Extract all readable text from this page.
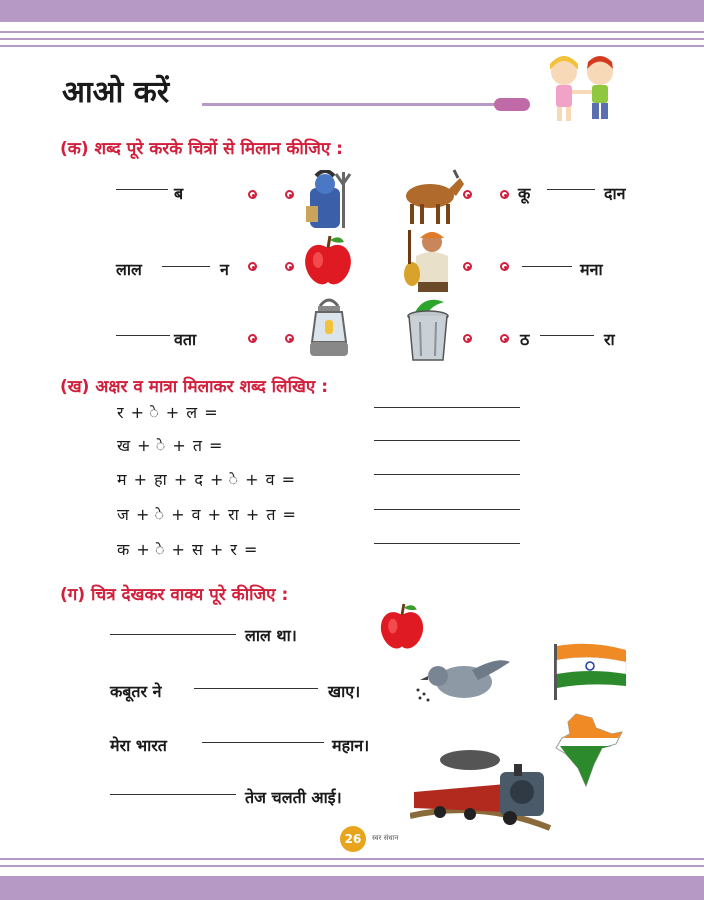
आओ करें
(क) शब्द पूरे करके चित्रों से मिलान कीजिए :
ब
लाल	न
वता
कू	दान
मना
ठ	रा
(ख) अक्षर व मात्रा मिलाकर शब्द लिखिए :
र + े + ल =
ख + े + त =
म + हा + द + े + व =
ज + े + व + रा + त =
क + े + स + र =
(ग) चित्र देखकर वाक्य पूरे कीजिए :
लाल था।
कबूतर ने	खाए।
मेरा भारत	महान।
तेज चलती आई।
26	स्वर संधान
